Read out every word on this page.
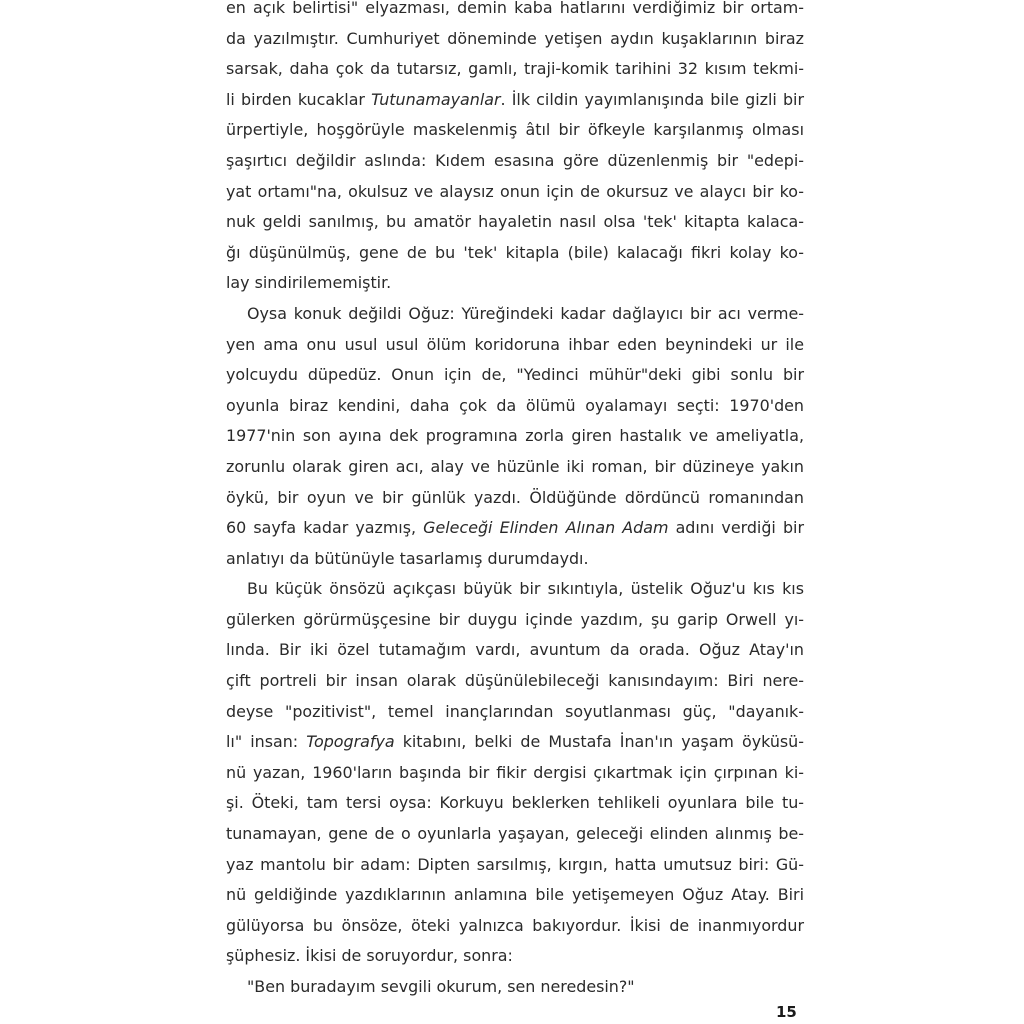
en açık belirtisi" elyazması, demin kaba hatlarını verdiğimiz bir ortam-
da yazılmıştır. Cumhuriyet döneminde yetişen aydın kuşaklarının biraz
sarsak, daha çok da tutarsız, gamlı, traji-komik tarihini 32 kısım tekmi-
li birden kucaklar Tutunamayanlar. İlk cildin yayımlanışında bile gizli bir
ürpertiyle, hoşgörüyle maskelenmiş âtıl bir öfkeyle karşılanmış olması
şaşırtıcı değildir aslında: Kıdem esasına göre düzenlenmiş bir "edepi-
yat ortamı"na, okulsuz ve alaysız onun için de okursuz ve alaycı bir ko-
nuk geldi sanılmış, bu amatör hayaletin nasıl olsa 'tek' kitapta kalaca-
ğı düşünülmüş, gene de bu 'tek' kitapla (bile) kalacağı fikri kolay ko-
lay sindirilememiştir.
Oysa konuk değildi Oğuz: Yüreğindeki kadar dağlayıcı bir acı verme-
yen ama onu usul usul ölüm koridoruna ihbar eden beynindeki ur ile
yolcuydu düpedüz. Onun için de, "Yedinci mühür"deki gibi sonlu bir
oyunla biraz kendini, daha çok da ölümü oyalamayı seçti: 1970'den
1977'nin son ayına dek programına zorla giren hastalık ve ameliyatla,
zorunlu olarak giren acı, alay ve hüzünle iki roman, bir düzineye yakın
öykü, bir oyun ve bir günlük yazdı. Öldüğünde dördüncü romanından
60 sayfa kadar yazmış, Geleceği Elinden Alınan Adam adını verdiği bir
anlatıyı da bütünüyle tasarlamış durumdaydı.
Bu küçük önsözü açıkçası büyük bir sıkıntıyla, üstelik Oğuz'u kıs kıs
gülerken görürmüşçesine bir duygu içinde yazdım, şu garip Orwell yı-
lında. Bir iki özel tutamağım vardı, avuntum da orada. Oğuz Atay'ın
çift portreli bir insan olarak düşünülebileceği kanısındayım: Biri nere-
deyse "pozitivist", temel inançlarından soyutlanması güç, "dayanık-
lı" insan: Topografya kitabını, belki de Mustafa İnan'ın yaşam öyküsü-
nü yazan, 1960'ların başında bir fikir dergisi çıkartmak için çırpınan ki-
şi. Öteki, tam tersi oysa: Korkuyu beklerken tehlikeli oyunlara bile tu-
tunamayan, gene de o oyunlarla yaşayan, geleceği elinden alınmış be-
yaz mantolu bir adam: Dipten sarsılmış, kırgın, hatta umutsuz biri: Gü-
nü geldiğinde yazdıklarının anlamına bile yetişemeyen Oğuz Atay. Biri
gülüyorsa bu önsöze, öteki yalnızca bakıyordur. İkisi de inanmıyordur
şüphesiz. İkisi de soruyordur, sonra:
"Ben buradayım sevgili okurum, sen neredesin?"
15
